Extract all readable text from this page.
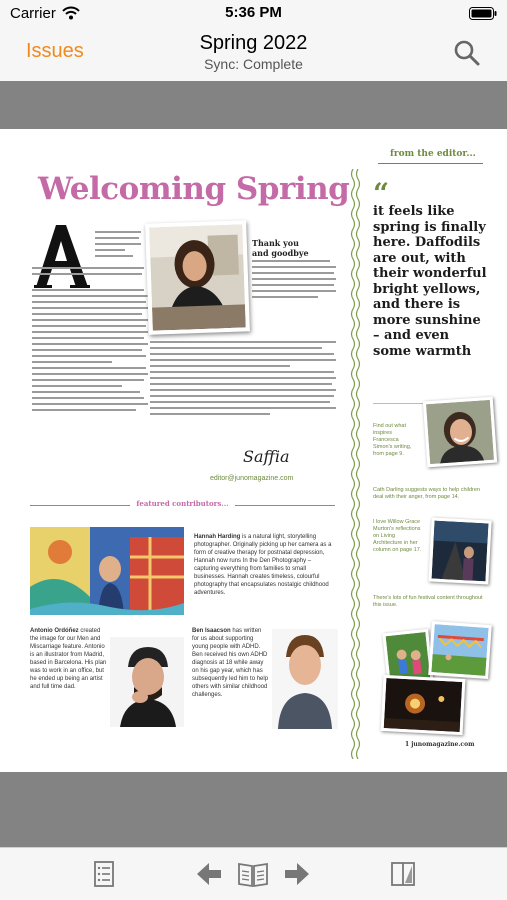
Carrier	5:36 PM
Issues	Spring 2022
Sync: Complete
Welcoming Spring
A
Thank you and goodbye
Saffia
editor@junomagazine.com
featured contributors...
Hannah Harding is a natural light, storytelling photographer. Originally picking up her camera as a form of creative therapy for postnatal depression, Hannah now runs In the Den Photography – capturing everything from families to small businesses. Hannah creates timeless, colourful photography that encapsulates nostalgic childhood adventures.
Antonio Ordóñez created the image for our Men and Miscarriage feature. Antonio is an illustrator from Madrid, based in Barcelona. His plan was to work in an office, but he ended up being an artist and full time dad.
Ben Isaacson has written for us about supporting young people with ADHD. Ben received his own ADHD diagnosis at 18 while away on his gap year, which has subsequently led him to help others with similar childhood challenges.
from the editor...
“
it feels like spring is finally here. Daffodils are out, with their wonderful bright yellows, and there is more sunshine – and even some warmth
Find out what inspires Francesca Simon's writing, from page 9.
Cath Darling suggests ways to help children deal with their anger, from page 14.
I love Willow Grace Murton's reflections on Living Architecture in her column on page 17.
There's lots of fun festival content throughout this issue.
1 junomagazine.com
